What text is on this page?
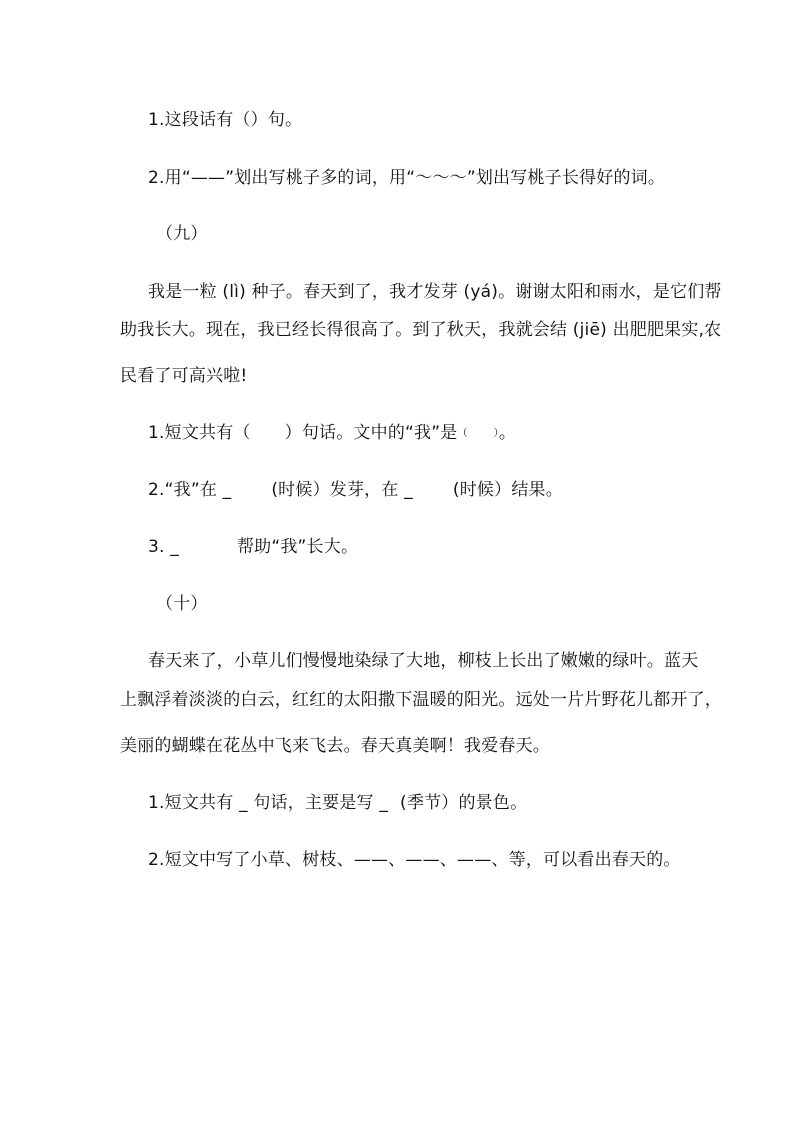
1.这段话有（）句。

2.用“——”划出写桃子多的词，用“～～～”划出写桃子长得好的词。

（九）

我是一粒 (lì) 种子。春天到了，我才发芽 (yá)。谢谢太阳和雨水，是它们帮

助我长大。现在，我已经长得很高了。到了秋天，我就会结 (jiē) 出肥肥果实,农

民看了可高兴啦!

1.短文共有（ ）句话。文中的“我”是（	）。

2.“我”在 _ (时候）发芽，在 _ (时候）结果。

3. _	帮助“我”长大。

（十）

春天来了，小草儿们慢慢地染绿了大地，柳枝上长出了嫩嫩的绿叶。蓝天

上飘浮着淡淡的白云，红红的太阳撒下温暖的阳光。远处一片片野花儿都开了，

美丽的蝴蝶在花丛中飞来飞去。春天真美啊！我爱春天。

1.短文共有 _ 句话，主要是写 _ (季节）的景色。

2.短文中写了小草、树枝、——、——、——、等，可以看出春天的。
